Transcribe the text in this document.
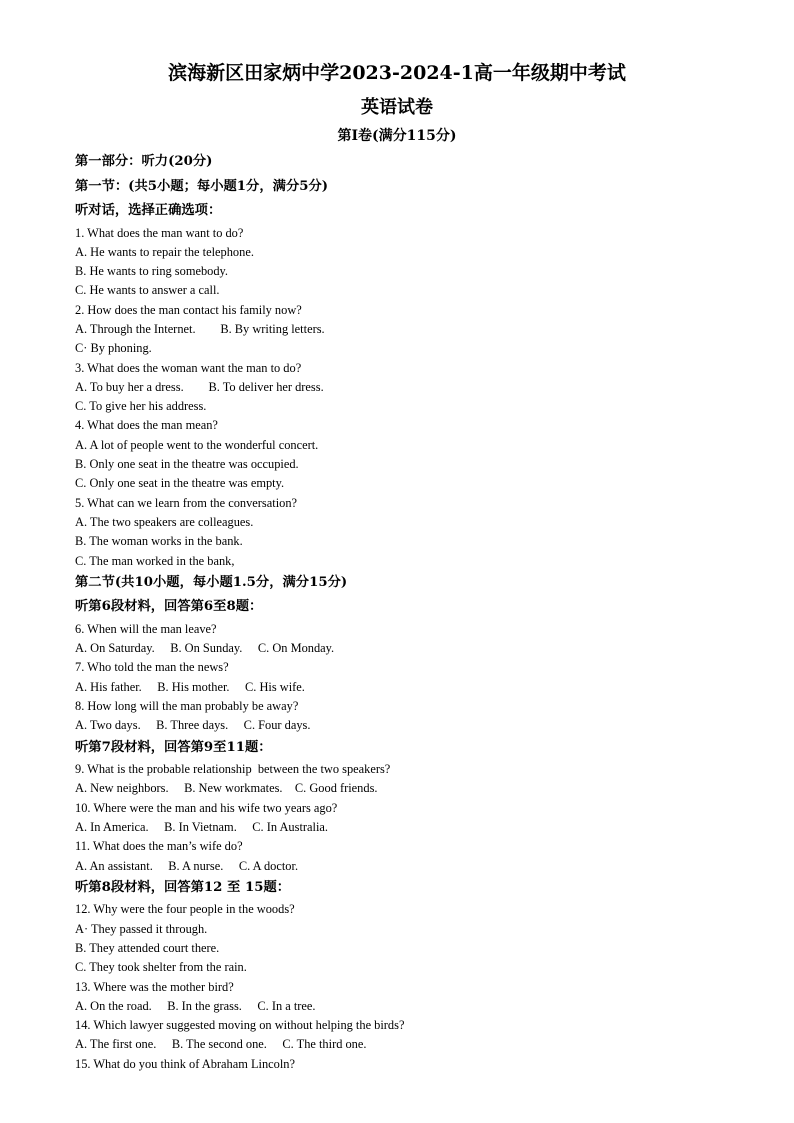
滨海新区田家炳中学2023-2024-1高一年级期中考试
英语试卷
第Ⅰ卷(满分115分)
第一部分：听力(20分)
第一节：(共5小题；每小题1分，满分5分)
听对话，选择正确选项：
1. What does the man want to do?
A. He wants to repair the telephone.
B. He wants to ring somebody.
C. He wants to answer a call.
2. How does the man contact his family now?
A. Through the Internet.        B. By writing letters.
C· By phoning.
3. What does the woman want the man to do?
A. To buy her a dress.        B. To deliver her dress.
C. To give her his address.
4. What does the man mean?
A. A lot of people went to the wonderful concert.
B. Only one seat in the theatre was occupied.
C. Only one seat in the theatre was empty.
5. What can we learn from the conversation?
A. The two speakers are colleagues.
B. The woman works in the bank.
C. The man worked in the bank,
第二节(共10小题，每小题1.5分，满分15分)
听第6段材料，回答第6至8题：
6. When will the man leave?
A. On Saturday.     B. On Sunday.     C. On Monday.
7. Who told the man the news?
A. His father.     B. His mother.     C. His wife.
8. How long will the man probably be away?
A. Two days.     B. Three days.     C. Four days.
听第7段材料，回答第9至11题：
9. What is the probable relationship  between the two speakers?
A. New neighbors.     B. New workmates.    C. Good friends.
10. Where were the man and his wife two years ago?
A. In America.     B. In Vietnam.     C. In Australia.
11. What does the man’s wife do?
A. An assistant.     B. A nurse.     C. A doctor.
听第8段材料，回答第12 至 15题：
12. Why were the four people in the woods?
A· They passed it through.
B. They attended court there.
C. They took shelter from the rain.
13. Where was the mother bird?
A. On the road.     B. In the grass.     C. In a tree.
14. Which lawyer suggested moving on without helping the birds?
A. The first one.     B. The second one.     C. The third one.
15. What do you think of Abraham Lincoln?
